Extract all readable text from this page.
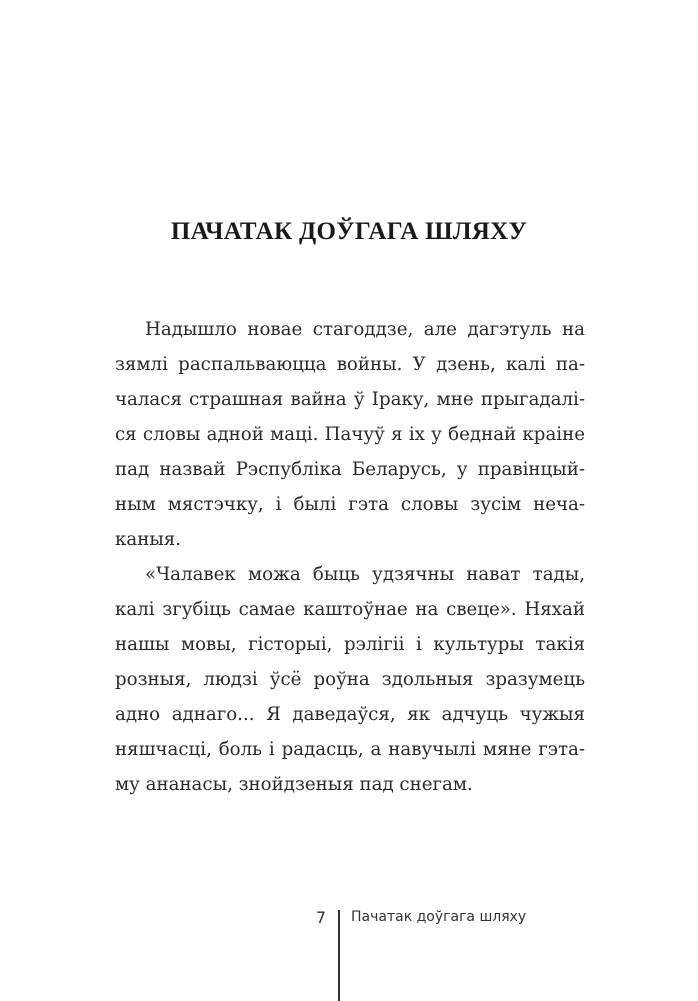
ПАЧАТАК ДОЎГАГА ШЛЯХУ
Надышло новае стагоддзе, але дагэтуль на
зямлі распальваюцца войны. У дзень, калі па-
чалася страшная вайна ў Іраку, мне прыгадалі-
ся словы адной маці. Пачуў я іх у беднай краіне
пад назвай Рэспубліка Беларусь, у правінцый-
ным мястэчку, і былі гэта словы зусім неча-
каныя.
«Чалавек можа быць удзячны нават тады,
калі згубіць самае каштоўнае на свеце». Няхай
нашы мовы, гісторыі, рэлігіі і культуры такія
розныя, людзі ўсё роўна здольныя зразумець
адно аднаго... Я даведаўся, як адчуць чужыя
няшчасці, боль і радасць, а навучылі мяне гэта-
му ананасы, знойдзеныя пад снегам.
7 Пачатак доўгага шляху
